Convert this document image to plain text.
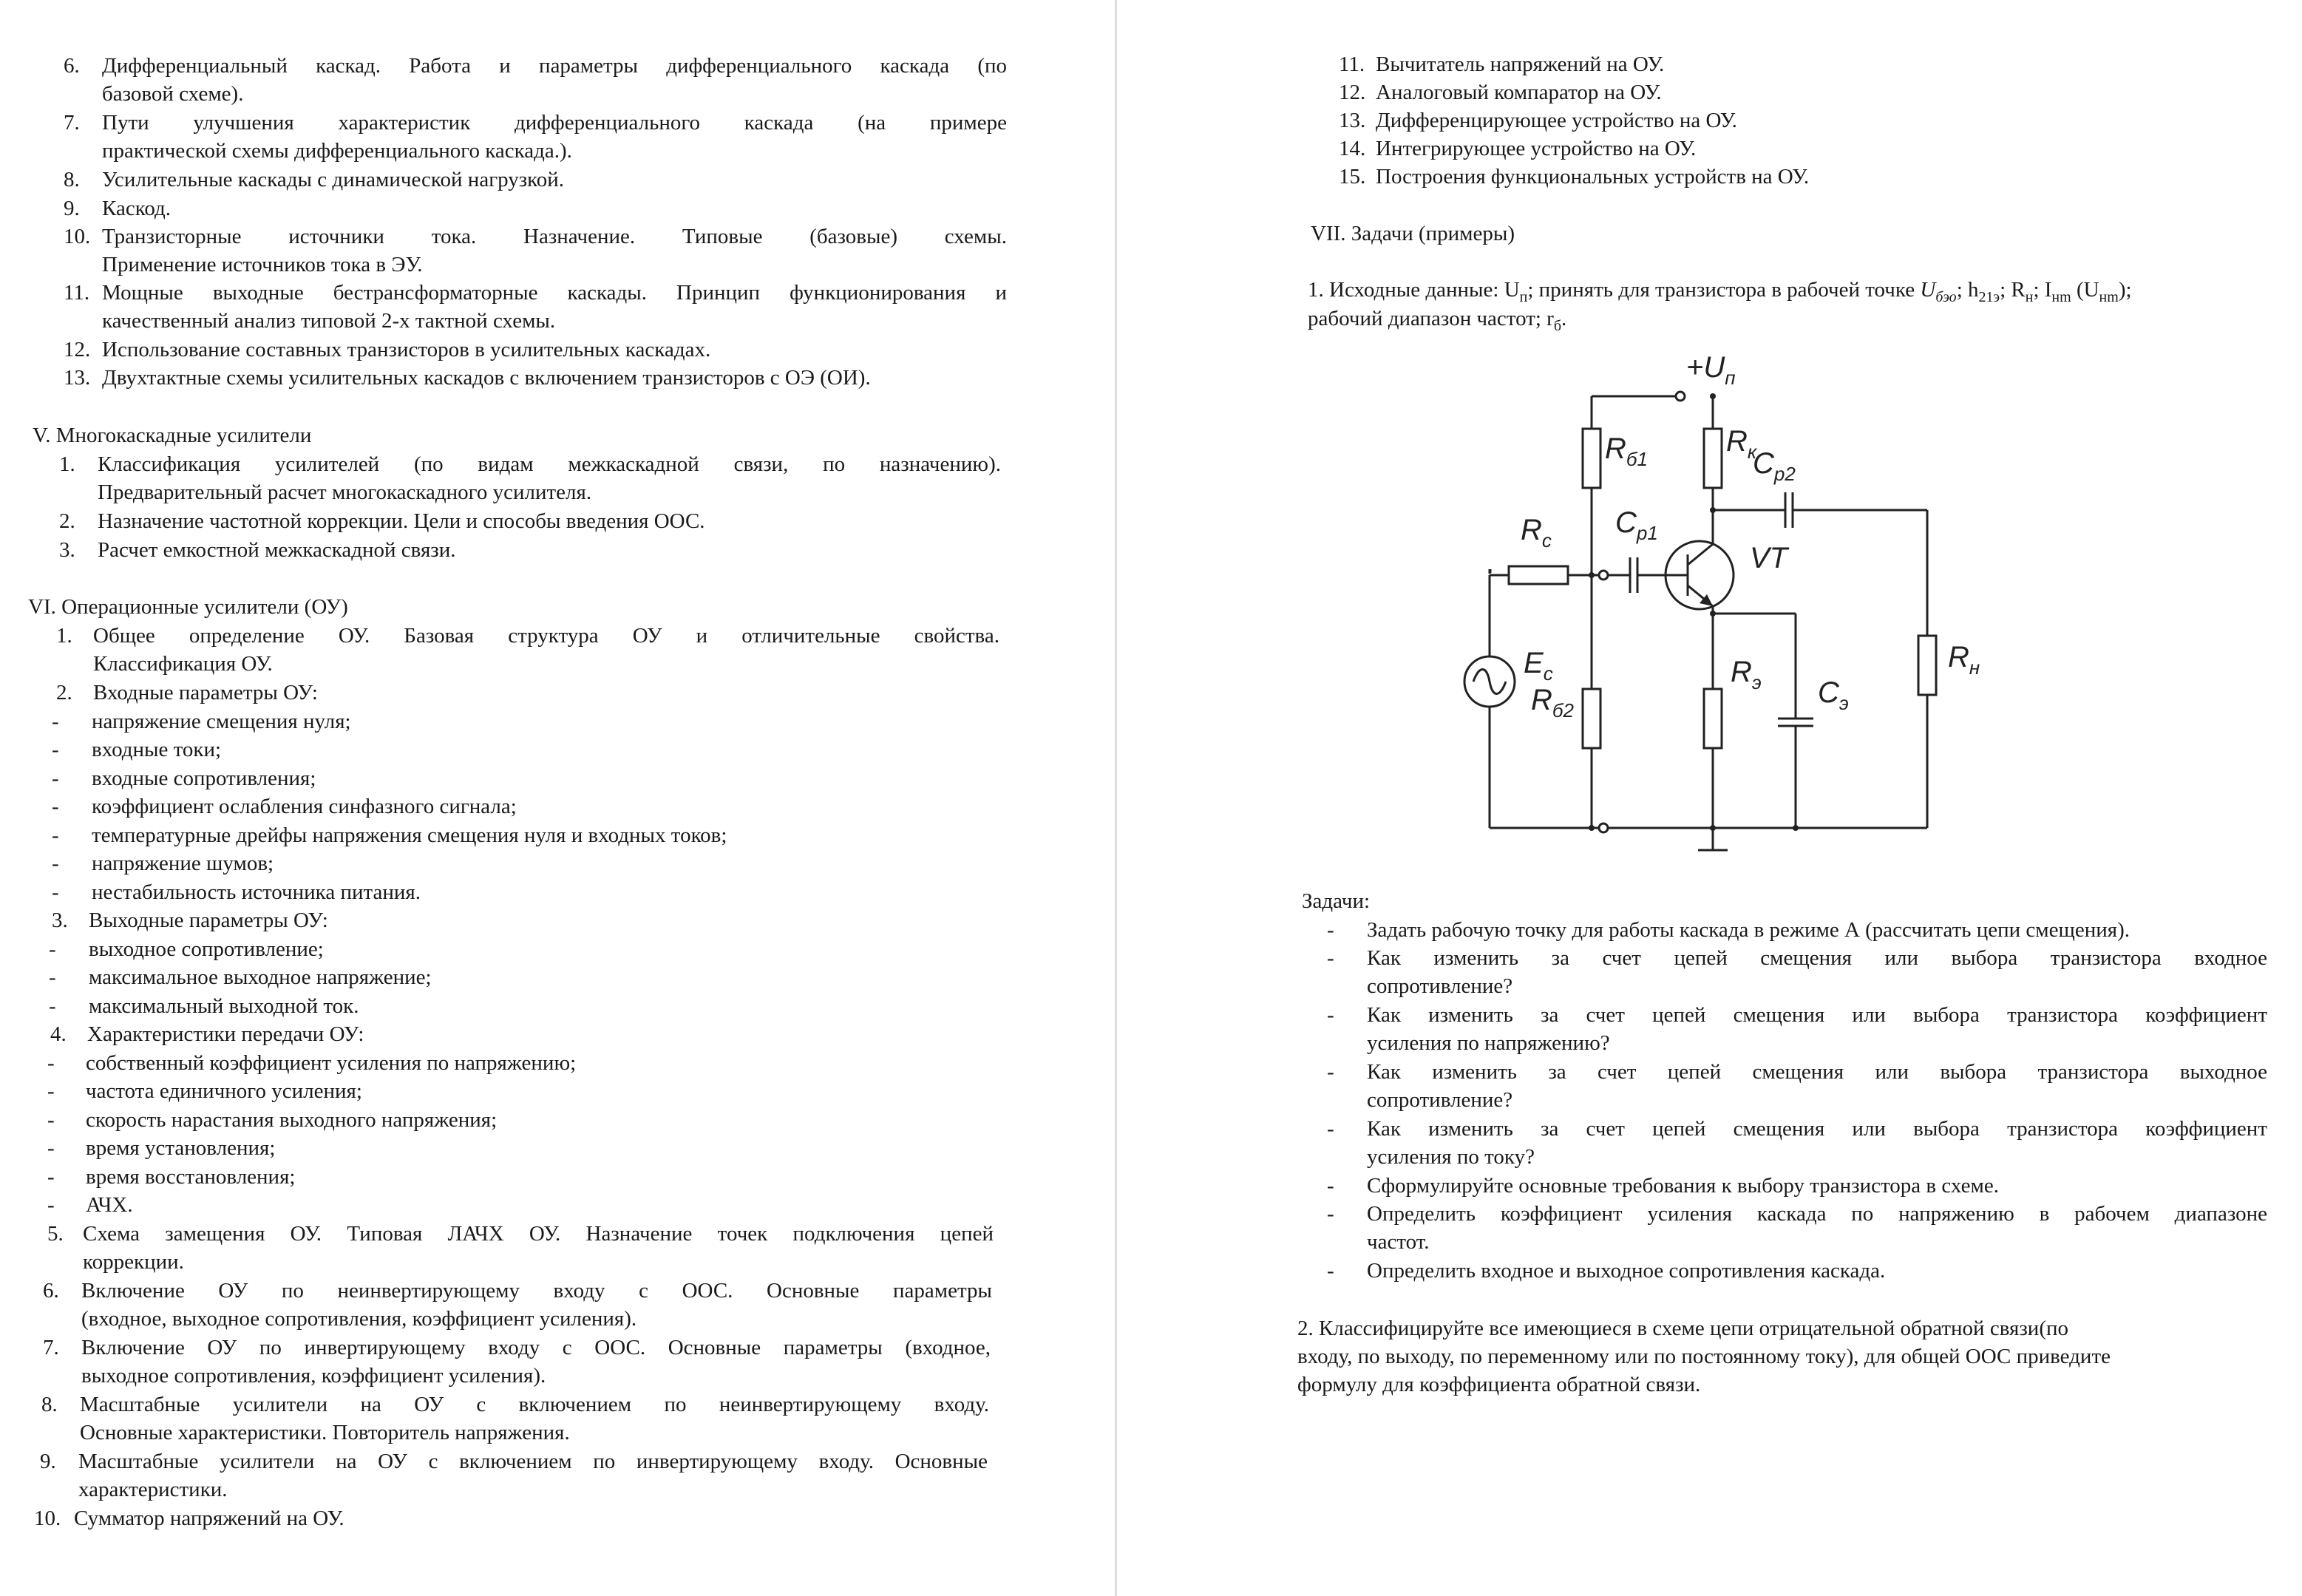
6. Дифференциальный каскад. Работа и параметры дифференциального каскада (по
базовой схеме).
7. Пути улучшения характеристик дифференциального каскада (на примере
практической схемы дифференциального каскада.).
8. Усилительные каскады с динамической нагрузкой.
9. Каскод.
10. Транзисторные источники тока. Назначение. Типовые (базовые) схемы.
Применение источников тока в ЭУ.
11. Мощные выходные бестрансформаторные каскады. Принцип функционирования и
качественный анализ типовой 2-х тактной схемы.
12. Использование составных транзисторов в усилительных каскадах.
13. Двухтактные схемы усилительных каскадов с включением транзисторов с ОЭ (ОИ).
V. Многокаскадные усилители
1. Классификация усилителей (по видам межкаскадной связи, по назначению).
Предварительный расчет многокаскадного усилителя.
2. Назначение частотной коррекции. Цели и способы введения ООС.
3. Расчет емкостной межкаскадной связи.
VI. Операционные усилители (ОУ)
1. Общее определение ОУ. Базовая структура ОУ и отличительные свойства.
Классификация ОУ.
2. Входные параметры ОУ:
- напряжение смещения нуля;
- входные токи;
- входные сопротивления;
- коэффициент ослабления синфазного сигнала;
- температурные дрейфы напряжения смещения нуля и входных токов;
- напряжение шумов;
- нестабильность источника питания.
3. Выходные параметры ОУ:
- выходное сопротивление;
- максимальное выходное напряжение;
- максимальный выходной ток.
4. Характеристики передачи ОУ:
- собственный коэффициент усиления по напряжению;
- частота единичного усиления;
- скорость нарастания выходного напряжения;
- время установления;
- время восстановления;
- АЧХ.
5. Схема замещения ОУ. Типовая ЛАЧХ ОУ. Назначение точек подключения цепей
коррекции.
6. Включение ОУ по неинвертирующему входу с ООС. Основные параметры
(входное, выходное сопротивления, коэффициент усиления).
7. Включение ОУ по инвертирующему входу с ООС. Основные параметры (входное,
выходное сопротивления, коэффициент усиления).
8. Масштабные усилители на ОУ с включением по неинвертирующему входу.
Основные характеристики. Повторитель напряжения.
9. Масштабные усилители на ОУ с включением по инвертирующему входу. Основные
характеристики.
10. Сумматор напряжений на ОУ.
11. Вычитатель напряжений на ОУ.
12. Аналоговый компаратор на ОУ.
13. Дифференцирующее устройство на ОУ.
14. Интегрирующее устройство на ОУ.
15. Построения функциональных устройств на ОУ.
VII. Задачи (примеры)
1. Исходные данные: $U_п$; принять для транзистора в рабочей точке $U_{бэо}$; $h_{21э}$; $R_н$; $I_{нm}$ $(U_{нm})$;
рабочий диапазон частот; $r_б$.
$+U_п$
$R_{б1}$
$R_к$
$C_{р2}$
$R_с$
$C_{р1}$
VT
$E_с$
$R_{б2}$
$R_э$ $C_э$
$R_н$
Задачи:
- Задать рабочую точку для работы каскада в режиме А (рассчитать цепи смещения).
- Как изменить за счет цепей смещения или выбора транзистора входное
сопротивление?
- Как изменить за счет цепей смещения или выбора транзистора коэффициент
усиления по напряжению?
- Как изменить за счет цепей смещения или выбора транзистора выходное
сопротивление?
- Как изменить за счет цепей смещения или выбора транзистора коэффициент
усиления по току?
- Сформулируйте основные требования к выбору транзистора в схеме.
- Определить коэффициент усиления каскада по напряжению в рабочем диапазоне
частот.
- Определить входное и выходное сопротивления каскада.
2. Классифицируйте все имеющиеся в схеме цепи отрицательной обратной связи(по
входу, по выходу, по переменному или по постоянному току), для общей ООС приведите
формулу для коэффициента обратной связи.
